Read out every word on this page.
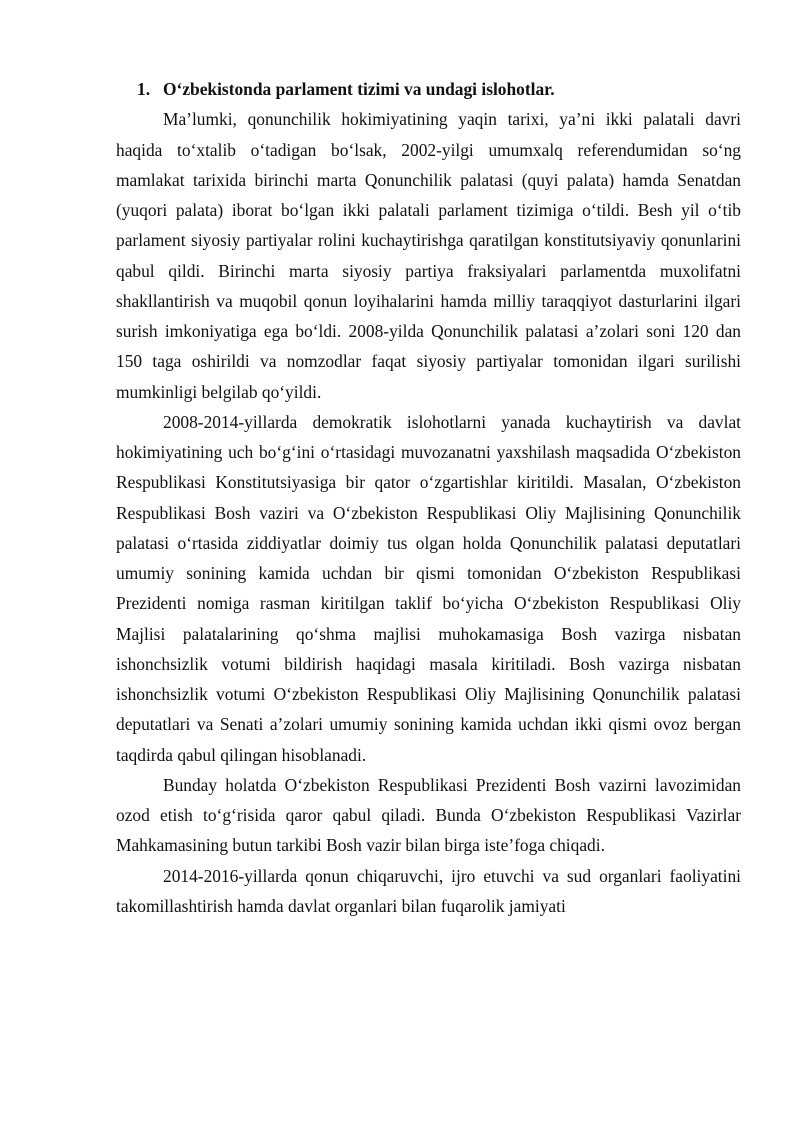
1. O‘zbekistonda parlament tizimi va undagi islohotlar.

Ma’lumki, qonunchilik hokimiyatining yaqin tarixi, ya’ni ikki palatali davri haqida to‘xtalib o‘tadigan bo‘lsak, 2002-yilgi umumxalq referendumidan so‘ng mamlakat tarixida birinchi marta Qonunchilik palatasi (quyi palata) hamda Senatdan (yuqori palata) iborat bo‘lgan ikki palatali parlament tizimiga o‘tildi. Besh yil o‘tib parlament siyosiy partiyalar rolini kuchaytirishga qaratilgan konstitutsiyaviy qonunlarini qabul qildi. Birinchi marta siyosiy partiya fraksiyalari parlamentda muxolifatni shakllantirish va muqobil qonun loyihalarini hamda milliy taraqqiyot dasturlarini ilgari surish imkoniyatiga ega bo‘ldi. 2008-yilda Qonunchilik palatasi a’zolari soni 120 dan 150 taga oshirildi va nomzodlar faqat siyosiy partiyalar tomonidan ilgari surilishi mumkinligi belgilab qo‘yildi.

2008-2014-yillarda demokratik islohotlarni yanada kuchaytirish va davlat hokimiyatining uch bo‘g‘ini o‘rtasidagi muvozanatni yaxshilash maqsadida O‘zbekiston Respublikasi Konstitutsiyasiga bir qator o‘zgartishlar kiritildi. Masalan, O‘zbekiston Respublikasi Bosh vaziri va O‘zbekiston Respublikasi Oliy Majlisining Qonunchilik palatasi o‘rtasida ziddiyatlar doimiy tus olgan holda Qonunchilik palatasi deputatlari umumiy sonining kamida uchdan bir qismi tomonidan O‘zbekiston Respublikasi Prezidenti nomiga rasman kiritilgan taklif bo‘yicha O‘zbekiston Respublikasi Oliy Majlisi palatalarining qo‘shma majlisi muhokamasiga Bosh vazirga nisbatan ishonchsizlik votumi bildirish haqidagi masala kiritiladi. Bosh vazirga nisbatan ishonchsizlik votumi O‘zbekiston Respublikasi Oliy Majlisining Qonunchilik palatasi deputatlari va Senati a’zolari umumiy sonining kamida uchdan ikki qismi ovoz bergan taqdirda qabul qilingan hisoblanadi.

Bunday holatda O‘zbekiston Respublikasi Prezidenti Bosh vazirni lavozimidan ozod etish to‘g‘risida qaror qabul qiladi. Bunda O‘zbekiston Respublikasi Vazirlar Mahkamasining butun tarkibi Bosh vazir bilan birga iste’foga chiqadi.

2014-2016-yillarda qonun chiqaruvchi, ijro etuvchi va sud organlari faoliyatini takomillashtirish hamda davlat organlari bilan fuqarolik jamiyati
